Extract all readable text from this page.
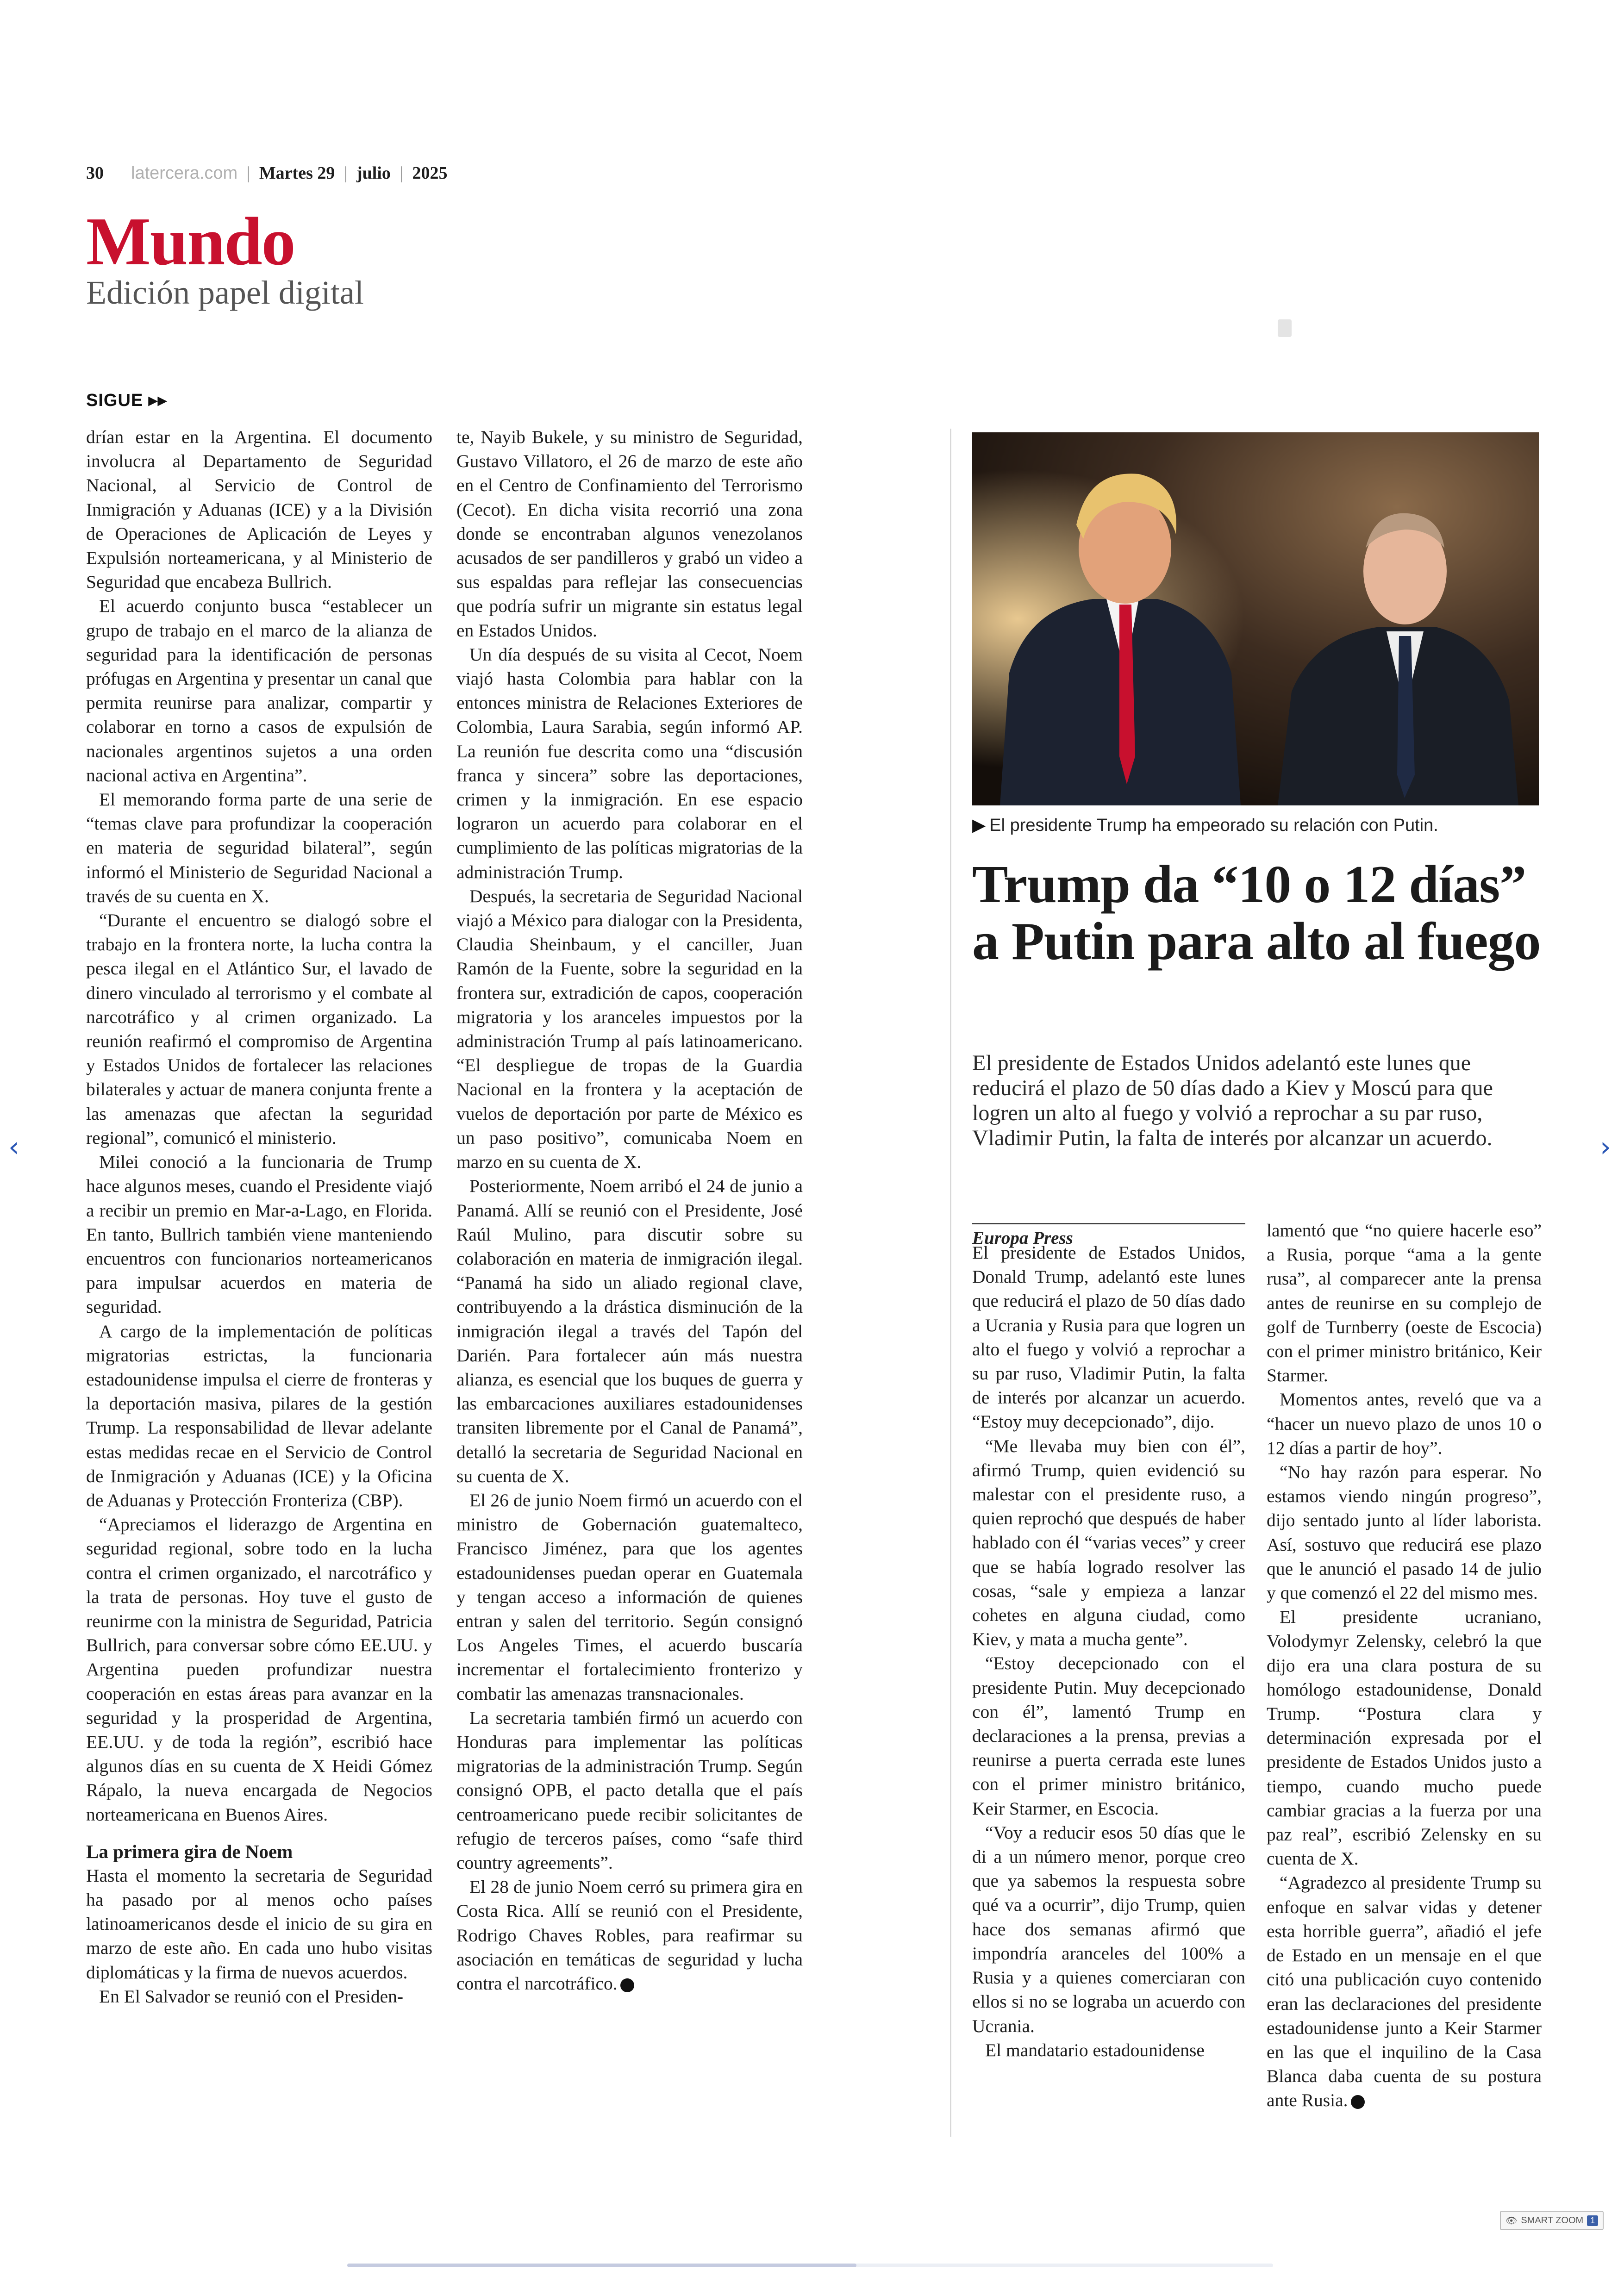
30 latercera.com | Martes 29 | julio | 2025
Mundo
Edición papel digital
SIGUE ▸▸

drían estar en la Argentina. El documento involucra al Departamento de Seguridad Nacional, al Servicio de Control de Inmigración y Aduanas (ICE) y a la División de Operaciones de Aplicación de Leyes y Expulsión norteamericana, y al Ministerio de Seguridad que encabeza Bullrich.

El acuerdo conjunto busca “establecer un grupo de trabajo en el marco de la alianza de seguridad para la identificación de personas prófugas en Argentina y presentar un canal que permita reunirse para analizar, compartir y colaborar en torno a casos de expulsión de nacionales argentinos sujetos a una orden nacional activa en Argentina”.

El memorando forma parte de una serie de “temas clave para profundizar la cooperación en materia de seguridad bilateral”, según informó el Ministerio de Seguridad Nacional a través de su cuenta en X.

“Durante el encuentro se dialogó sobre el trabajo en la frontera norte, la lucha contra la pesca ilegal en el Atlántico Sur, el lavado de dinero vinculado al terrorismo y el combate al narcotráfico y al crimen organizado. La reunión reafirmó el compromiso de Argentina y Estados Unidos de fortalecer las relaciones bilaterales y actuar de manera conjunta frente a las amenazas que afectan la seguridad regional”, comunicó el ministerio.

Milei conoció a la funcionaria de Trump hace algunos meses, cuando el Presidente viajó a recibir un premio en Mar-a-Lago, en Florida. En tanto, Bullrich también viene manteniendo encuentros con funcionarios norteamericanos para impulsar acuerdos en materia de seguridad.

A cargo de la implementación de políticas migratorias estrictas, la funcionaria estadounidense impulsa el cierre de fronteras y la deportación masiva, pilares de la gestión Trump. La responsabilidad de llevar adelante estas medidas recae en el Servicio de Control de Inmigración y Aduanas (ICE) y la Oficina de Aduanas y Protección Fronteriza (CBP).

“Apreciamos el liderazgo de Argentina en seguridad regional, sobre todo en la lucha contra el crimen organizado, el narcotráfico y la trata de personas. Hoy tuve el gusto de reunirme con la ministra de Seguridad, Patricia Bullrich, para conversar sobre cómo EE.UU. y Argentina pueden profundizar nuestra cooperación en estas áreas para avanzar en la seguridad y la prosperidad de Argentina, EE.UU. y de toda la región”, escribió hace algunos días en su cuenta de X Heidi Gómez Rápalo, la nueva encargada de Negocios norteamericana en Buenos Aires.

La primera gira de Noem

Hasta el momento la secretaria de Seguridad ha pasado por al menos ocho países latinoamericanos desde el inicio de su gira en marzo de este año. En cada uno hubo visitas diplomáticas y la firma de nuevos acuerdos.

En El Salvador se reunió con el Presiden-

te, Nayib Bukele, y su ministro de Seguridad, Gustavo Villatoro, el 26 de marzo de este año en el Centro de Confinamiento del Terrorismo (Cecot). En dicha visita recorrió una zona donde se encontraban algunos venezolanos acusados de ser pandilleros y grabó un video a sus espaldas para reflejar las consecuencias que podría sufrir un migrante sin estatus legal en Estados Unidos.

Un día después de su visita al Cecot, Noem viajó hasta Colombia para hablar con la entonces ministra de Relaciones Exteriores de Colombia, Laura Sarabia, según informó AP. La reunión fue descrita como una “discusión franca y sincera” sobre las deportaciones, crimen y la inmigración. En ese espacio lograron un acuerdo para colaborar en el cumplimiento de las políticas migratorias de la administración Trump.

Después, la secretaria de Seguridad Nacional viajó a México para dialogar con la Presidenta, Claudia Sheinbaum, y el canciller, Juan Ramón de la Fuente, sobre la seguridad en la frontera sur, extradición de capos, cooperación migratoria y los aranceles impuestos por la administración Trump al país latinoamericano. “El despliegue de tropas de la Guardia Nacional en la frontera y la aceptación de vuelos de deportación por parte de México es un paso positivo”, comunicaba Noem en marzo en su cuenta de X.

Posteriormente, Noem arribó el 24 de junio a Panamá. Allí se reunió con el Presidente, José Raúl Mulino, para discutir sobre su colaboración en materia de inmigración ilegal. “Panamá ha sido un aliado regional clave, contribuyendo a la drástica disminución de la inmigración ilegal a través del Tapón del Darién. Para fortalecer aún más nuestra alianza, es esencial que los buques de guerra y las embarcaciones auxiliares estadounidenses transiten libremente por el Canal de Panamá”, detalló la secretaria de Seguridad Nacional en su cuenta de X.

El 26 de junio Noem firmó un acuerdo con el ministro de Gobernación guatemalteco, Francisco Jiménez, para que los agentes estadounidenses puedan operar en Guatemala y tengan acceso a información de quienes entran y salen del territorio. Según consignó Los Angeles Times, el acuerdo buscaría incrementar el fortalecimiento fronterizo y combatir las amenazas transnacionales.

La secretaria también firmó un acuerdo con Honduras para implementar las políticas migratorias de la administración Trump. Según consignó OPB, el pacto detalla que el país centroamericano puede recibir solicitantes de refugio de terceros países, como “safe third country agreements”.

El 28 de junio Noem cerró su primera gira en Costa Rica. Allí se reunió con el Presidente, Rodrigo Chaves Robles, para reafirmar su asociación en temáticas de seguridad y lucha contra el narcotráfico.

▶ El presidente Trump ha empeorado su relación con Putin.
Trump da “10 o 12 días” a Putin para alto al fuego
El presidente de Estados Unidos adelantó este lunes que reducirá el plazo de 50 días dado a Kiev y Moscú para que logren un alto al fuego y volvió a reprochar a su par ruso, Vladimir Putin, la falta de interés por alcanzar un acuerdo.
Europa Press

El presidente de Estados Unidos, Donald Trump, adelantó este lunes que reducirá el plazo de 50 días dado a Ucrania y Rusia para que logren un alto el fuego y volvió a reprochar a su par ruso, Vladimir Putin, la falta de interés por alcanzar un acuerdo. “Estoy muy decepcionado”, dijo.

“Me llevaba muy bien con él”, afirmó Trump, quien evidenció su malestar con el presidente ruso, a quien reprochó que después de haber hablado con él “varias veces” y creer que se había logrado resolver las cosas, “sale y empieza a lanzar cohetes en alguna ciudad, como Kiev, y mata a mucha gente”.

“Estoy decepcionado con el presidente Putin. Muy decepcionado con él”, lamentó Trump en declaraciones a la prensa, previas a reunirse a puerta cerrada este lunes con el primer ministro británico, Keir Starmer, en Escocia.

“Voy a reducir esos 50 días que le di a un número menor, porque creo que ya sabemos la respuesta sobre qué va a ocurrir”, dijo Trump, quien hace dos semanas afirmó que impondría aranceles del 100% a Rusia y a quienes comerciaran con ellos si no se lograba un acuerdo con Ucrania.

El mandatario estadounidense

lamentó que “no quiere hacerle eso” a Rusia, porque “ama a la gente rusa”, al comparecer ante la prensa antes de reunirse en su complejo de golf de Turnberry (oeste de Escocia) con el primer ministro británico, Keir Starmer.

Momentos antes, reveló que va a “hacer un nuevo plazo de unos 10 o 12 días a partir de hoy”.

“No hay razón para esperar. No estamos viendo ningún progreso”, dijo sentado junto al líder laborista. Así, sostuvo que reducirá ese plazo que le anunció el pasado 14 de julio y que comenzó el 22 del mismo mes.

El presidente ucraniano, Volodymyr Zelensky, celebró la que dijo era una clara postura de su homólogo estadounidense, Donald Trump. “Postura clara y determinación expresada por el presidente de Estados Unidos justo a tiempo, cuando mucho puede cambiar gracias a la fuerza por una paz real”, escribió Zelensky en su cuenta de X.

“Agradezco al presidente Trump su enfoque en salvar vidas y detener esta horrible guerra”, añadió el jefe de Estado en un mensaje en el que citó una publicación cuyo contenido eran las declaraciones del presidente estadounidense junto a Keir Starmer en las que el inquilino de la Casa Blanca daba cuenta de su postura ante Rusia.

‹	›
👁 SMART ZOOM 1
